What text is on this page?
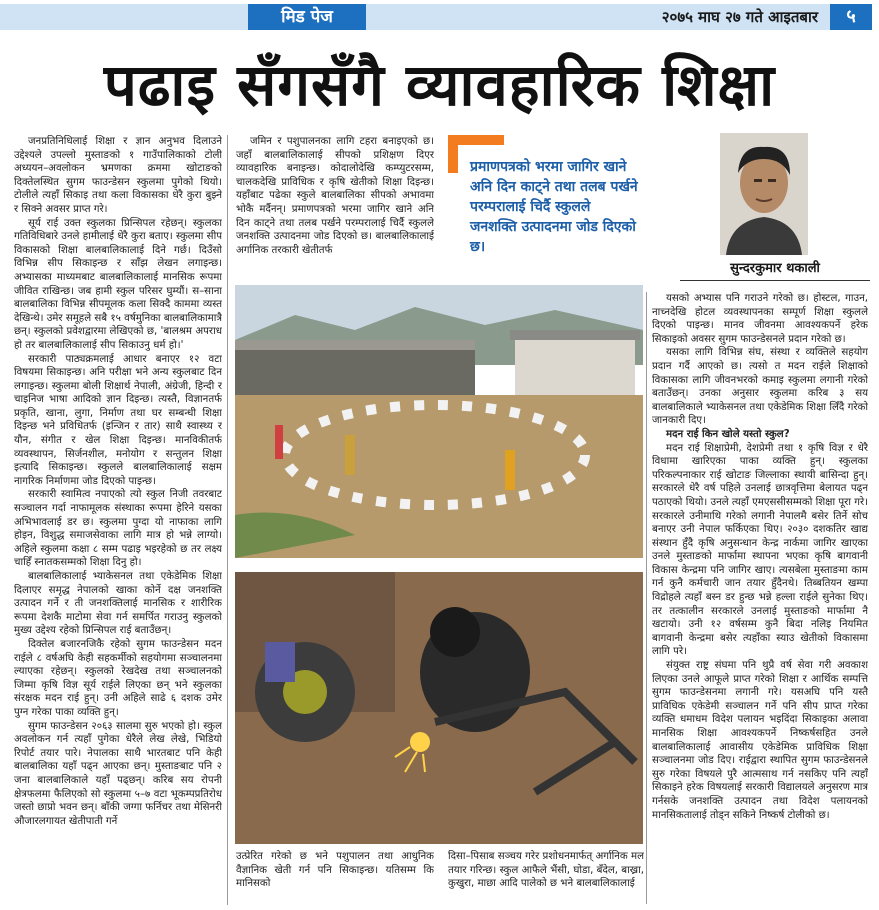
मिड पेज	२०७५ माघ २७ गते आइतबार	५
पढाइ सँगसँगै व्यावहारिक शिक्षा

जनप्रतिनिधिलाई शिक्षा र ज्ञान अनुभव दिलाउने उद्देश्यले उपल्लो मुस्ताङको १ गाउँपालिकाको टोली अध्ययन–अवलोकन भ्रमणका क्रममा खोटाङको दिक्तेलस्थित सुगम फाउन्डेसन स्कुलमा पुगेको थियो। टोलीले त्यहाँ सिकाइ तथा कला विकासका धेरै कुरा बुझ्ने र सिक्ने अवसर प्राप्त गरे।

सूर्य राई उक्त स्कुलका प्रिन्सिपल रहेछन्। स्कुलका गतिविधिबारे उनले हामीलाई धेरै कुरा बताए। स्कुलमा सीप विकासको शिक्षा बालबालिकालाई दिने गर्छ। दिउँसो विभिन्न सीप सिकाइन्छ र साँझ लेखन लगाइन्छ। अभ्यासका माध्यमबाट बालबालिकालाई मानसिक रूपमा जीवित राखिन्छ। जब हामी स्कुल परिसर घुम्यौं। स–साना बालबालिका विभिन्न सीपमूलक कला सिक्दै काममा व्यस्त देखिन्थे। उमेर समूहले सबै १५ वर्षमुनिका बालबालिकामात्रै छन्। स्कुलको प्रवेशद्वारमा लेखिएको छ, 'बालश्रम अपराध हो तर बालबालिकालाई सीप सिकाउनु धर्म हो।'

सरकारी पाठ्यक्रमलाई आधार बनाएर १२ वटा विषयमा सिकाइन्छ। अनि परीक्षा भने अन्य स्कुलबाट दिन लगाइन्छ। स्कुलमा बोली शिक्षार्थ नेपाली, अंग्रेजी, हिन्दी र चाइनिज भाषा आदिको ज्ञान दिइन्छ। त्यस्तै, विज्ञानतर्फ प्रकृति, खाना, लुगा, निर्माण तथा घर सम्बन्धी शिक्षा दिइन्छ भने प्रविधितर्फ (इन्जिन र तार) साथै स्वास्थ्य र यौन, संगीत र खेल शिक्षा दिइन्छ। मानविकीतर्फ व्यवस्थापन, सिर्जनशील, मनोयोग र सन्तुलन शिक्षा इत्यादि सिकाइन्छ। स्कुलले बालबालिकालाई सक्षम नागरिक निर्माणमा जोड दिएको पाइन्छ।

सरकारी स्वामित्व नपाएको त्यो स्कुल निजी तवरबाट सञ्चालन गर्दा नाफामूलक संस्थाका रूपमा हेरिने यसका अभिभावलाई डर छ। स्कुलमा पुग्दा यो नाफाका लागि होइन, विशुद्ध समाजसेवाका लागि मात्र हो भन्ने लाग्यो। अहिले स्कुलमा कक्षा ८ सम्म पढाइ भइरहेको छ तर लक्ष्य चाहिँ स्नातकसम्मको शिक्षा दिनु हो।

बालबालिकालाई भ्याकेसनल तथा एकेडेमिक शिक्षा दिलाएर समृद्ध नेपालको खाका कोर्ने दक्ष जनशक्ति उत्पादन गर्ने र ती जनशक्तिलाई मानसिक र शारीरिक रूपमा देशकै माटोमा सेवा गर्न समर्पित गराउनु स्कुलको मुख्य उद्देश्य रहेको प्रिन्सिपल राई बताउँछन्।

दिक्तेल बजारनजिकै रहेको सुगम फाउन्डेसन मदन राईले ८ वर्षअघि केही सहकर्मीको सहयोगमा सञ्चालनमा ल्याएका रहेछन्। स्कुलको रेखदेख तथा सञ्चालनको जिम्मा कृषि विज्ञ सूर्य राईले लिएका छन् भने स्कुलका संरक्षक मदन राई हुन्। उनी अहिले साढे ६ दशक उमेर पुग्न गरेका पाका व्यक्ति हुन्।

सुगम फाउन्डेसन २०६३ सालमा सुरु भएको हो। स्कुल अवलोकन गर्न त्यहाँ पुगेका धेरैले लेख लेखे, भिडियो रिपोर्ट तयार पारे। नेपालका साथै भारतबाट पनि केही बालबालिका यहाँ पढ्न आएका छन्। मुस्ताङबाट पनि २ जना बालबालिकाले यहाँ पढ्छन्। करिब सय रोपनी क्षेत्रफलमा फैलिएको सो स्कुलमा ५–७ वटा भूकम्पप्रतिरोध जस्तो छाप्रो भवन छन्। बाँकी जग्गा फर्निचर तथा मेसिनरी औजारलगायत खेतीपाती गर्ने

जमिन र पशुपालनका लागि टहरा बनाइएको छ। जहाँ बालबालिकालाई सीपको प्रशिक्षण दिएर व्यावहारिक बनाइन्छ। कोदालोदेखि कम्प्युटरसम्म, चालकदेखि प्राविधिक र कृषि खेतीको शिक्षा दिइन्छ। यहाँबाट पढेका स्कुले बालबालिका सीपको अभावमा भोकै मर्दैनन्। प्रमाणपत्रको भरमा जागिर खाने अनि दिन काट्ने तथा तलब पर्खने परम्परालाई चिर्दै स्कुलले जनशक्ति उत्पादनमा जोड दिएको छ। बालबालिकालाई अर्गानिक तरकारी खेतीतर्फ

प्रमाणपत्रको भरमा जागिर खाने अनि दिन काट्ने तथा तलब पर्खने परम्परालाई चिर्दै स्कुलले जनशक्ति उत्पादनमा जोड दिएको छ।
सुन्दरकुमार थकाली

यसको अभ्यास पनि गराउने गरेको छ। होस्टल, गाउन, नाच्नदेखि होटल व्यवस्थापनका सम्पूर्ण शिक्षा स्कुलले दिएको पाइन्छ। मानव जीवनमा आवश्यकपर्ने हरेक सिकाइको अवसर सुगम फाउन्डेसनले प्रदान गरेको छ।

यसका लागि विभिन्न संघ, संस्था र व्यक्तिले सहयोग प्रदान गर्दै आएको छ। त्यसो त मदन राईले शिक्षाको विकासका लागि जीवनभरको कमाइ स्कुलमा लगानी गरेको बताउँछन्। उनका अनुसार स्कुलमा करिब ३ सय बालबालिकाले भ्याकेसनल तथा एकेडेमिक शिक्षा लिँदै गरेको जानकारी दिए।

मदन राई किन खोले यस्तो स्कुल?

मदन राई शिक्षाप्रेमी, देशप्रेमी तथा १ कृषि विज्ञ र धेरै विधामा खारिएका पाका व्यक्ति हुन्। स्कुलका परिकल्पनाकार राई खोटाङ जिल्लाका स्थायी बासिन्दा हुन्। सरकारले धेरै वर्ष पहिले उनलाई छात्रवृत्तिमा बेलायत पढ्न पठाएको थियो। उनले त्यहाँ एमएससीसम्मको शिक्षा पूरा गरे। सरकारले उनीमाथि गरेको लगानी नेपालमै बसेर तिर्ने सोच बनाएर उनी नेपाल फर्किएका थिए। २०३० दशकतिर खाद्य संस्थान हुँदै कृषि अनुसन्धान केन्द्र नार्कमा जागिर खाएका उनले मुस्ताङको मार्फामा स्थापना भएका कृषि बागवानी विकास केन्द्रमा पनि जागिर खाए। त्यसबेला मुस्ताङमा काम गर्न कुनै कर्मचारी जान तयार हुँदैनथे। तिब्बतियन खम्पा विद्रोहले त्यहाँ बस्न डर हुन्छ भन्ने हल्ला राईले सुनेका थिए। तर तत्कालीन सरकारले उनलाई मुस्ताङको मार्फामा नै खटायो। उनी १२ वर्षसम्म कुनै बिदा नलिइ नियमित बागवानी केन्द्रमा बसेर त्यहाँका स्याउ खेतीको विकासमा लागि परे।

संयुक्त राष्ट्र संघमा पनि थुप्रै वर्ष सेवा गरी अवकाश लिएका उनले आफूले प्राप्त गरेको शिक्षा र आर्थिक सम्पत्ति सुगम फाउन्डेसनमा लगानी गरे। यसअघि पनि यस्तै प्राविधिक एकेडेमी सञ्चालन गर्ने पनि सीप प्राप्त गरेका व्यक्ति धमाधम विदेश पलायन भइदिंदा सिकाइका अलावा मानसिक शिक्षा आवश्यकपर्ने निष्कर्षसहित उनले बालबालिकालाई आवासीय एकेडेमिक प्राविधिक शिक्षा सञ्चालनमा जोड दिए। राईद्वारा स्थापित सुगम फाउन्डेसनले सुरु गरेका विषयले पुरै आत्मसाथ गर्न नसकिए पनि त्यहाँ सिकाइने हरेक विषयलाई सरकारी विद्यालयले अनुसरण मात्र गर्नसके जनशक्ति उत्पादन तथा विदेश पलायनको मानसिकतालाई तोड्न सकिने निष्कर्ष टोलीको छ।

उत्प्रेरित गरेको छ भने पशुपालन तथा आधुनिक वैज्ञानिक खेती गर्न पनि सिकाइन्छ। यतिसम्म कि मानिसको
दिसा–पिसाब सञ्चय गरेर प्रशोधनमार्फत् अर्गानिक मल तयार गरिन्छ। स्कुल आफैले भैंसी, घोडा, बँदेल, बाख्रा, कुखुरा, माछा आदि पालेको छ भने बालबालिकालाई
